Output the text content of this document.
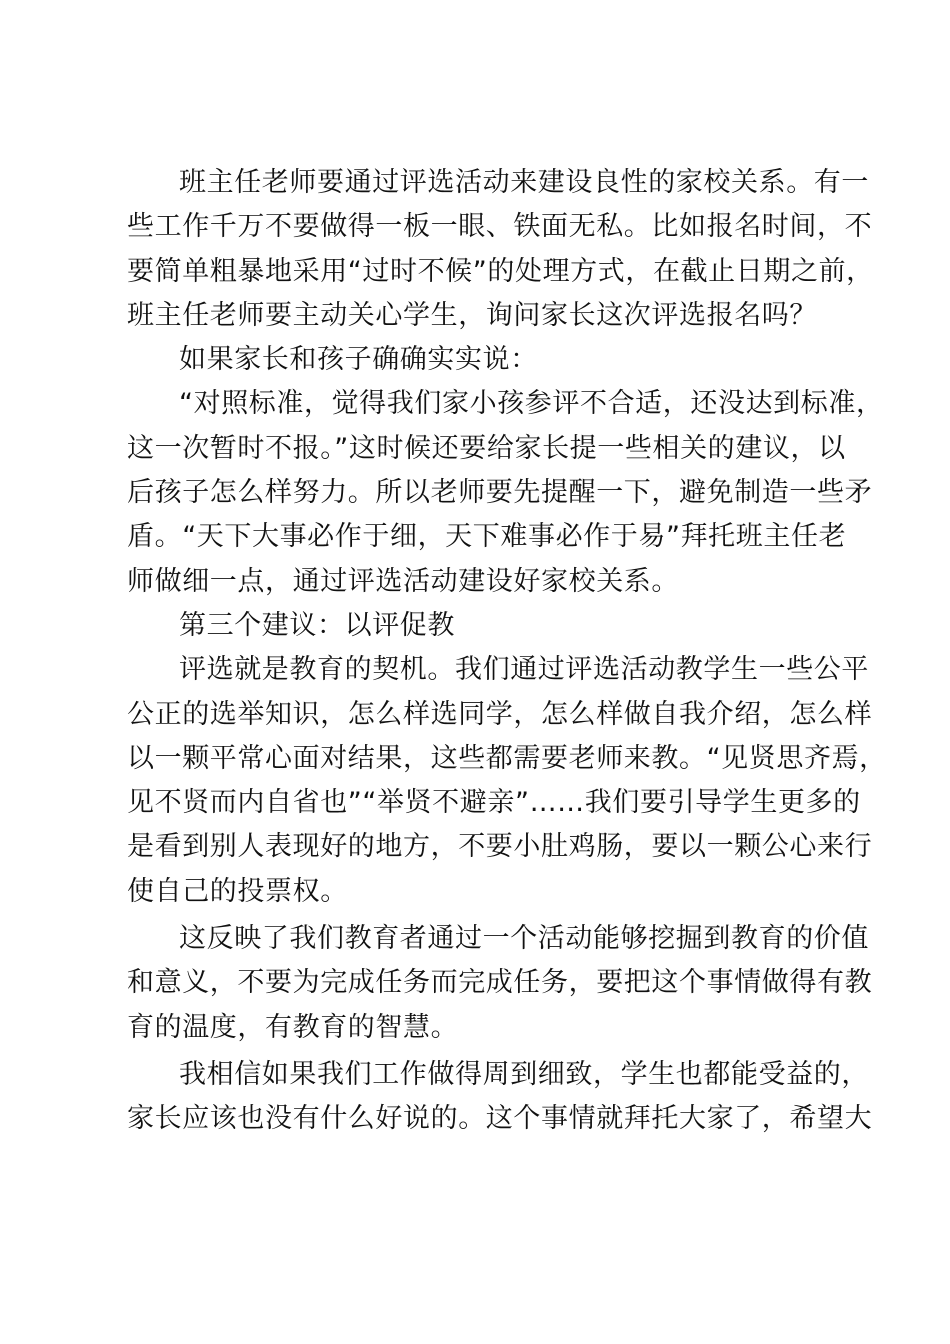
班主任老师要通过评选活动来建设良性的家校关系。有一
些工作千万不要做得一板一眼、铁面无私。比如报名时间，不
要简单粗暴地采用“过时不候”的处理方式，在截止日期之前，
班主任老师要主动关心学生，询问家长这次评选报名吗？

如果家长和孩子确确实实说：

“对照标准，觉得我们家小孩参评不合适，还没达到标准，
这一次暂时不报。”这时候还要给家长提一些相关的建议，以
后孩子怎么样努力。所以老师要先提醒一下，避免制造一些矛
盾。“天下大事必作于细，天下难事必作于易”拜托班主任老
师做细一点，通过评选活动建设好家校关系。

第三个建议：以评促教

评选就是教育的契机。我们通过评选活动教学生一些公平
公正的选举知识，怎么样选同学，怎么样做自我介绍，怎么样
以一颗平常心面对结果，这些都需要老师来教。“见贤思齐焉，
见不贤而内自省也”“举贤不避亲”……我们要引导学生更多的
是看到别人表现好的地方，不要小肚鸡肠，要以一颗公心来行
使自己的投票权。

这反映了我们教育者通过一个活动能够挖掘到教育的价值
和意义，不要为完成任务而完成任务，要把这个事情做得有教
育的温度，有教育的智慧。

我相信如果我们工作做得周到细致，学生也都能受益的，
家长应该也没有什么好说的。这个事情就拜托大家了，希望大
